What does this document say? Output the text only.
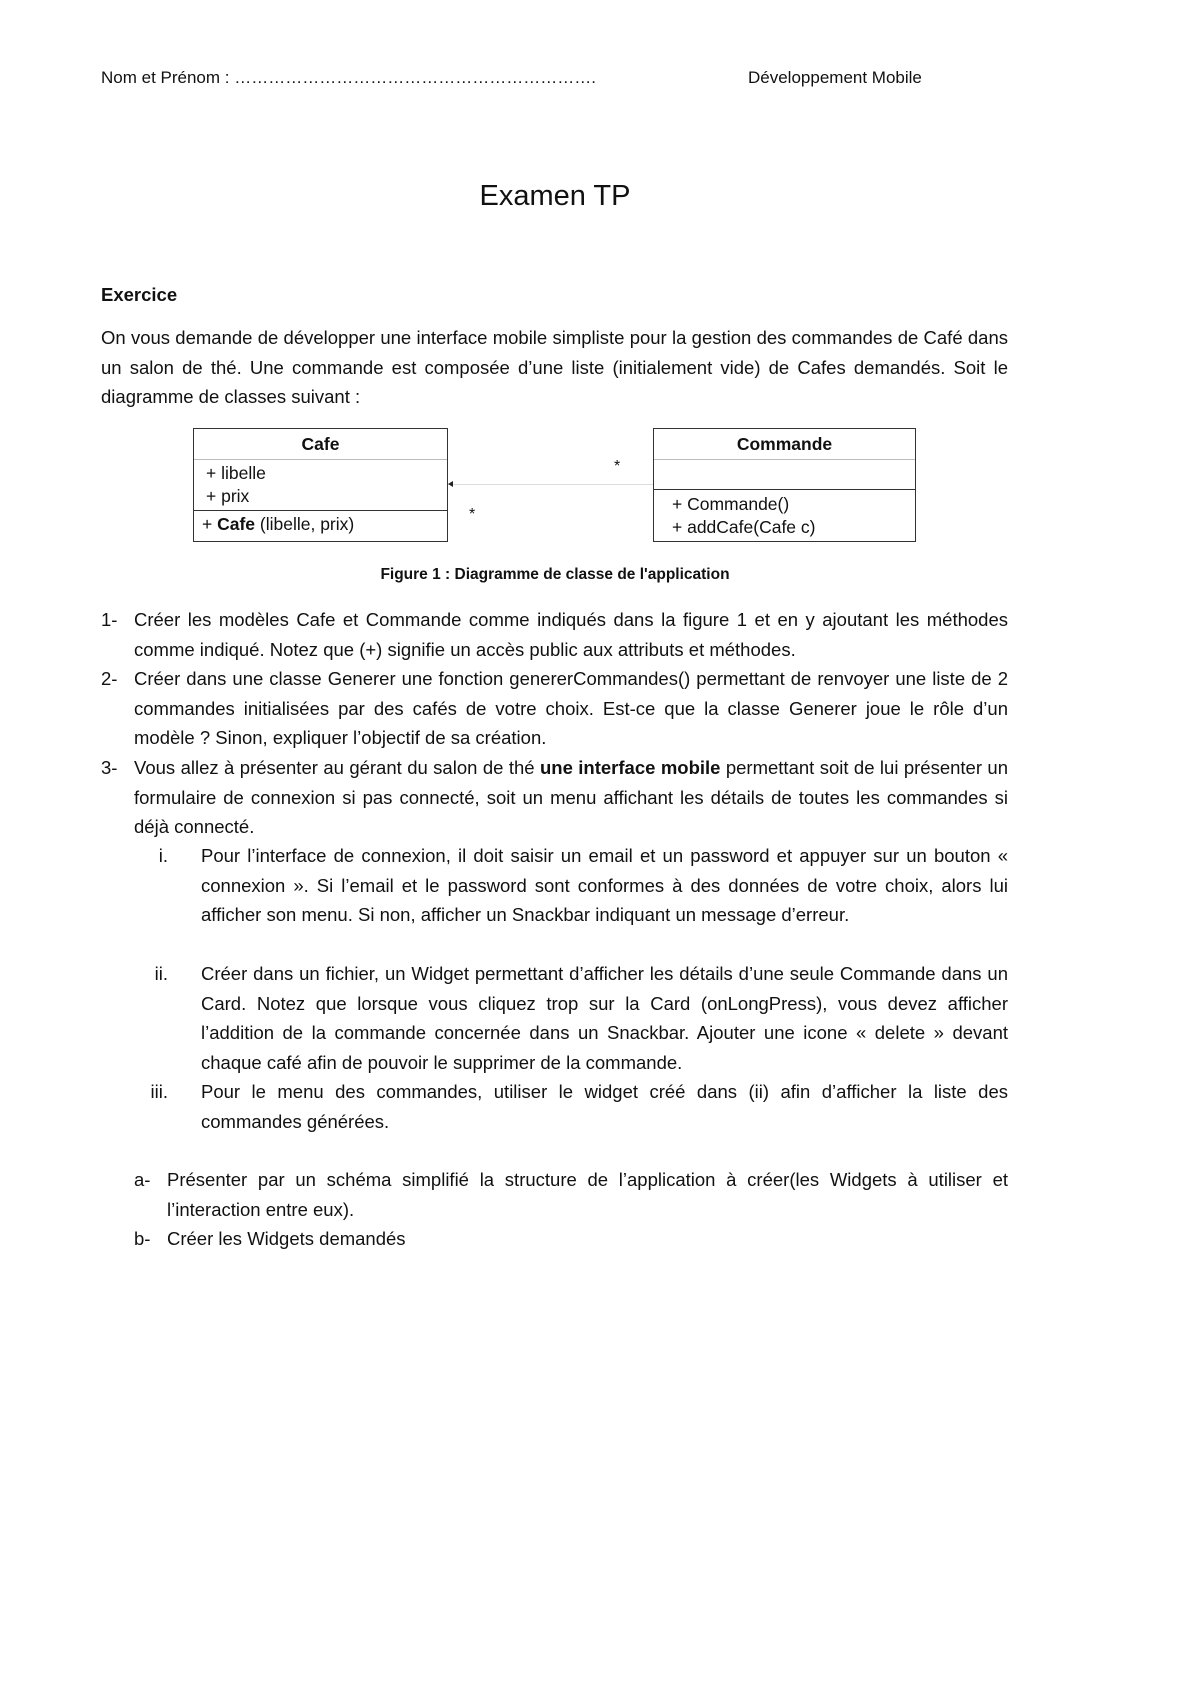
Nom et Prénom : ……………………………………………………….	Développement Mobile
Examen TP
Exercice
On vous demande de développer une interface mobile simpliste pour la gestion des commandes de Café dans un salon de thé. Une commande est composée d’une liste (initialement vide) de Cafes demandés. Soit le diagramme de classes suivant :
Cafe
+ libelle
+ prix
+ Cafe (libelle, prix)
*
*
Commande
+ Commande()
+ addCafe(Cafe c)
Figure 1 : Diagramme de classe de l'application
1- Créer les modèles Cafe et Commande comme indiqués dans la figure 1 et en y ajoutant les méthodes comme indiqué. Notez que (+) signifie un accès public aux attributs et méthodes.
2- Créer dans une classe Generer une fonction genererCommandes() permettant de renvoyer une liste de 2 commandes initialisées par des cafés de votre choix. Est-ce que la classe Generer joue le rôle d’un modèle ? Sinon, expliquer l’objectif de sa création.
3- Vous allez à présenter au gérant du salon de thé une interface mobile permettant soit de lui présenter un formulaire de connexion si pas connecté, soit un menu affichant les détails de toutes les commandes si déjà connecté.
i. Pour l’interface de connexion, il doit saisir un email et un password et appuyer sur un bouton « connexion ». Si l’email et le password sont conformes à des données de votre choix, alors lui afficher son menu. Si non, afficher un Snackbar indiquant un message d’erreur.
ii. Créer dans un fichier, un Widget permettant d’afficher les détails d’une seule Commande dans un Card. Notez que lorsque vous cliquez trop sur la Card (onLongPress), vous devez afficher l’addition de la commande concernée dans un Snackbar. Ajouter une icone « delete » devant chaque café afin de pouvoir le supprimer de la commande.
iii. Pour le menu des commandes, utiliser le widget créé dans (ii) afin d’afficher la liste des commandes générées.
a- Présenter par un schéma simplifié la structure de l’application à créer(les Widgets à utiliser et l’interaction entre eux).
b- Créer les Widgets demandés
